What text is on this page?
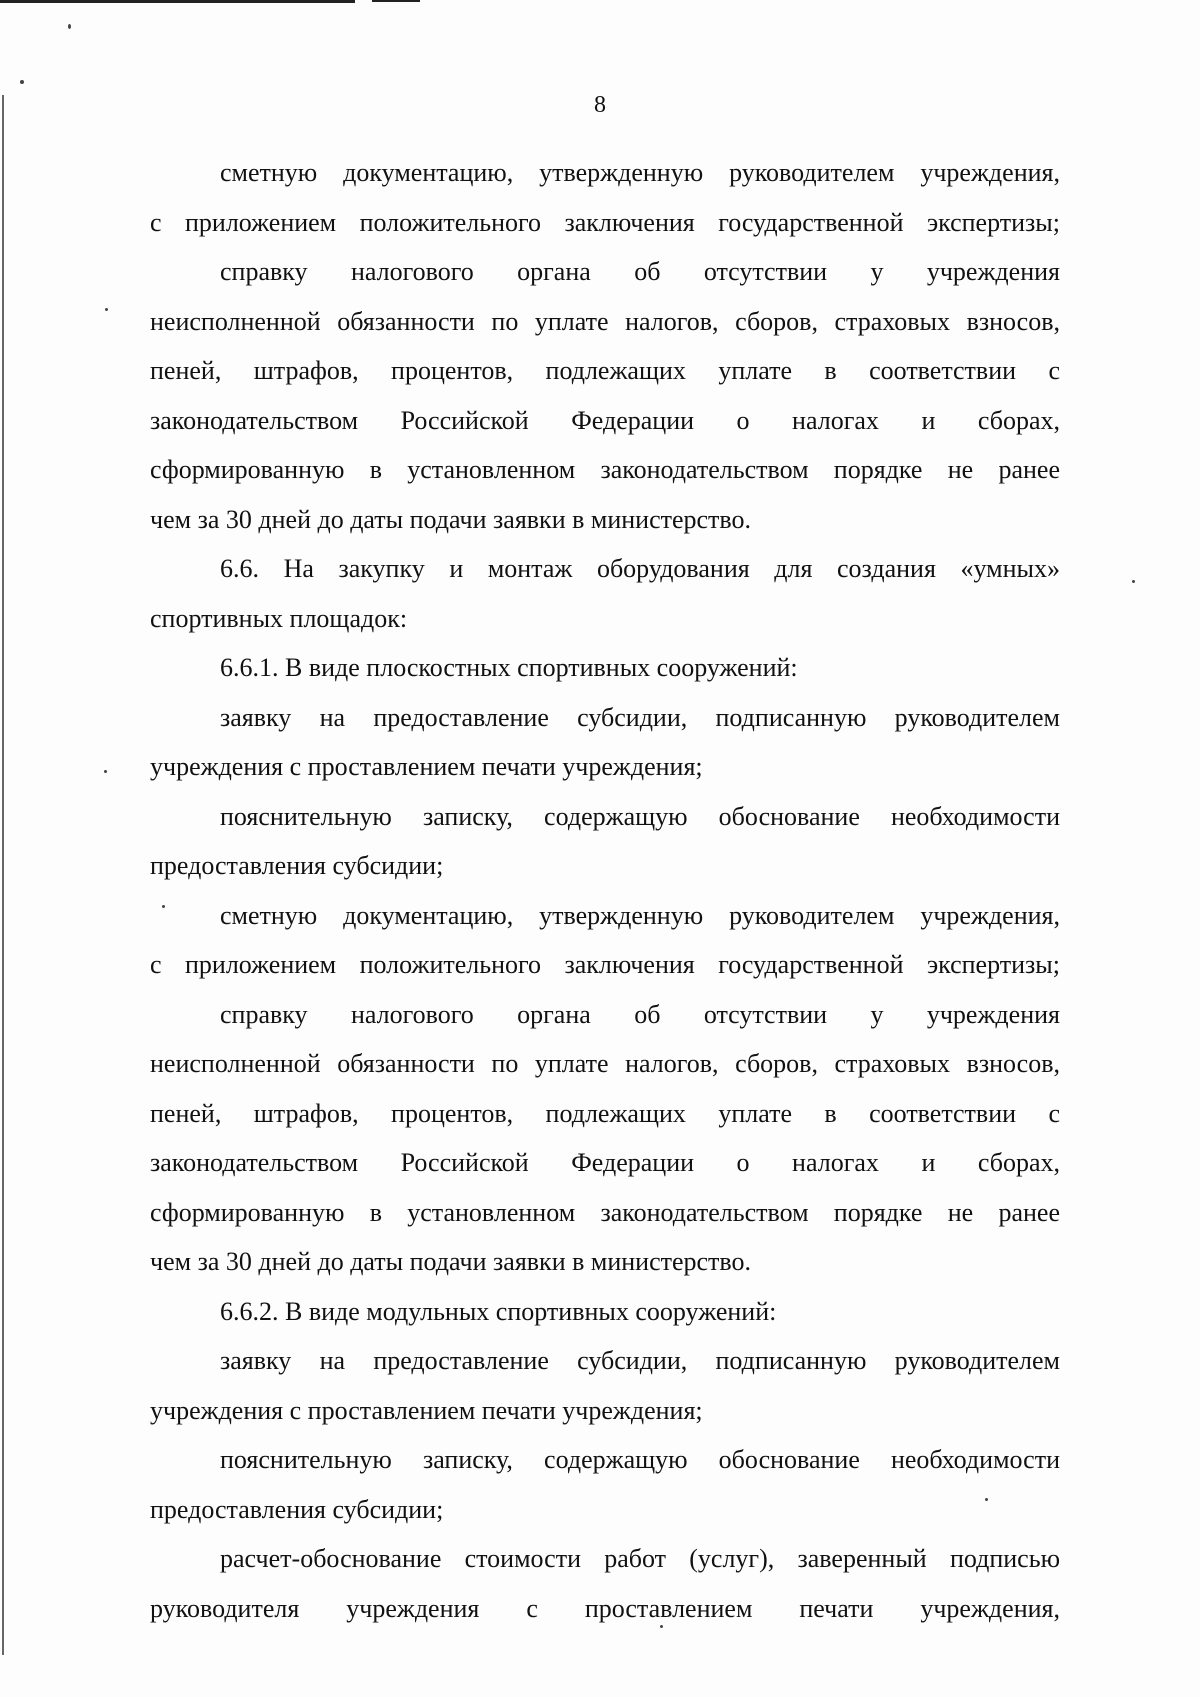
8
сметную документацию, утвержденную руководителем учреждения,
с приложением положительного заключения государственной экспертизы;
справку налогового органа об отсутствии у учреждения
неисполненной обязанности по уплате налогов, сборов, страховых взносов,
пеней, штрафов, процентов, подлежащих уплате в соответствии с
законодательством Российской Федерации о налогах и сборах,
сформированную в установленном законодательством порядке не ранее
чем за 30 дней до даты подачи заявки в министерство.
6.6. На закупку и монтаж оборудования для создания «умных»
спортивных площадок:
6.6.1. В виде плоскостных спортивных сооружений:
заявку на предоставление субсидии, подписанную руководителем
учреждения с проставлением печати учреждения;
пояснительную записку, содержащую обоснование необходимости
предоставления субсидии;
сметную документацию, утвержденную руководителем учреждения,
с приложением положительного заключения государственной экспертизы;
справку налогового органа об отсутствии у учреждения
неисполненной обязанности по уплате налогов, сборов, страховых взносов,
пеней, штрафов, процентов, подлежащих уплате в соответствии с
законодательством Российской Федерации о налогах и сборах,
сформированную в установленном законодательством порядке не ранее
чем за 30 дней до даты подачи заявки в министерство.
6.6.2. В виде модульных спортивных сооружений:
заявку на предоставление субсидии, подписанную руководителем
учреждения с проставлением печати учреждения;
пояснительную записку, содержащую обоснование необходимости
предоставления субсидии;
расчет-обоснование стоимости работ (услуг), заверенный подписью
руководителя учреждения с проставлением печати учреждения,
